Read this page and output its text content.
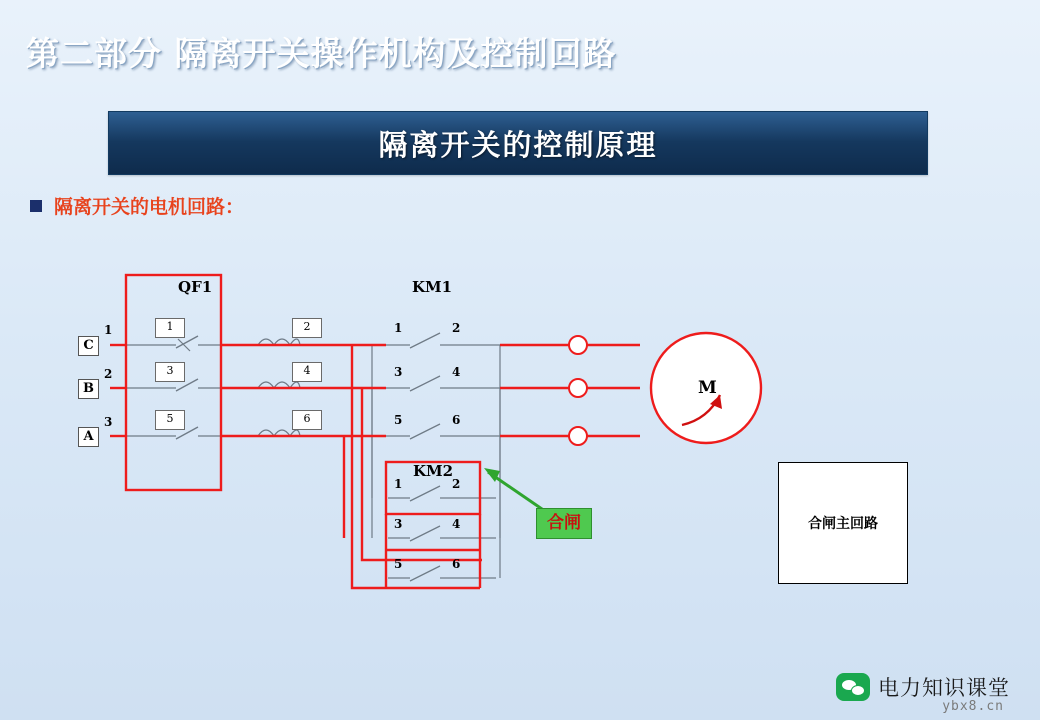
第二部分 隔离开关操作机构及控制回路
隔离开关的控制原理
隔离开关的电机回路：
C
B
A
1
2
3
QF1
1	2
3	4
5	6
KM1
1	2
3	4
5	6
KM2
1	2
3	4
5	6
M
合闸	合闸主回路
电力知识课堂
ybx8.cn
